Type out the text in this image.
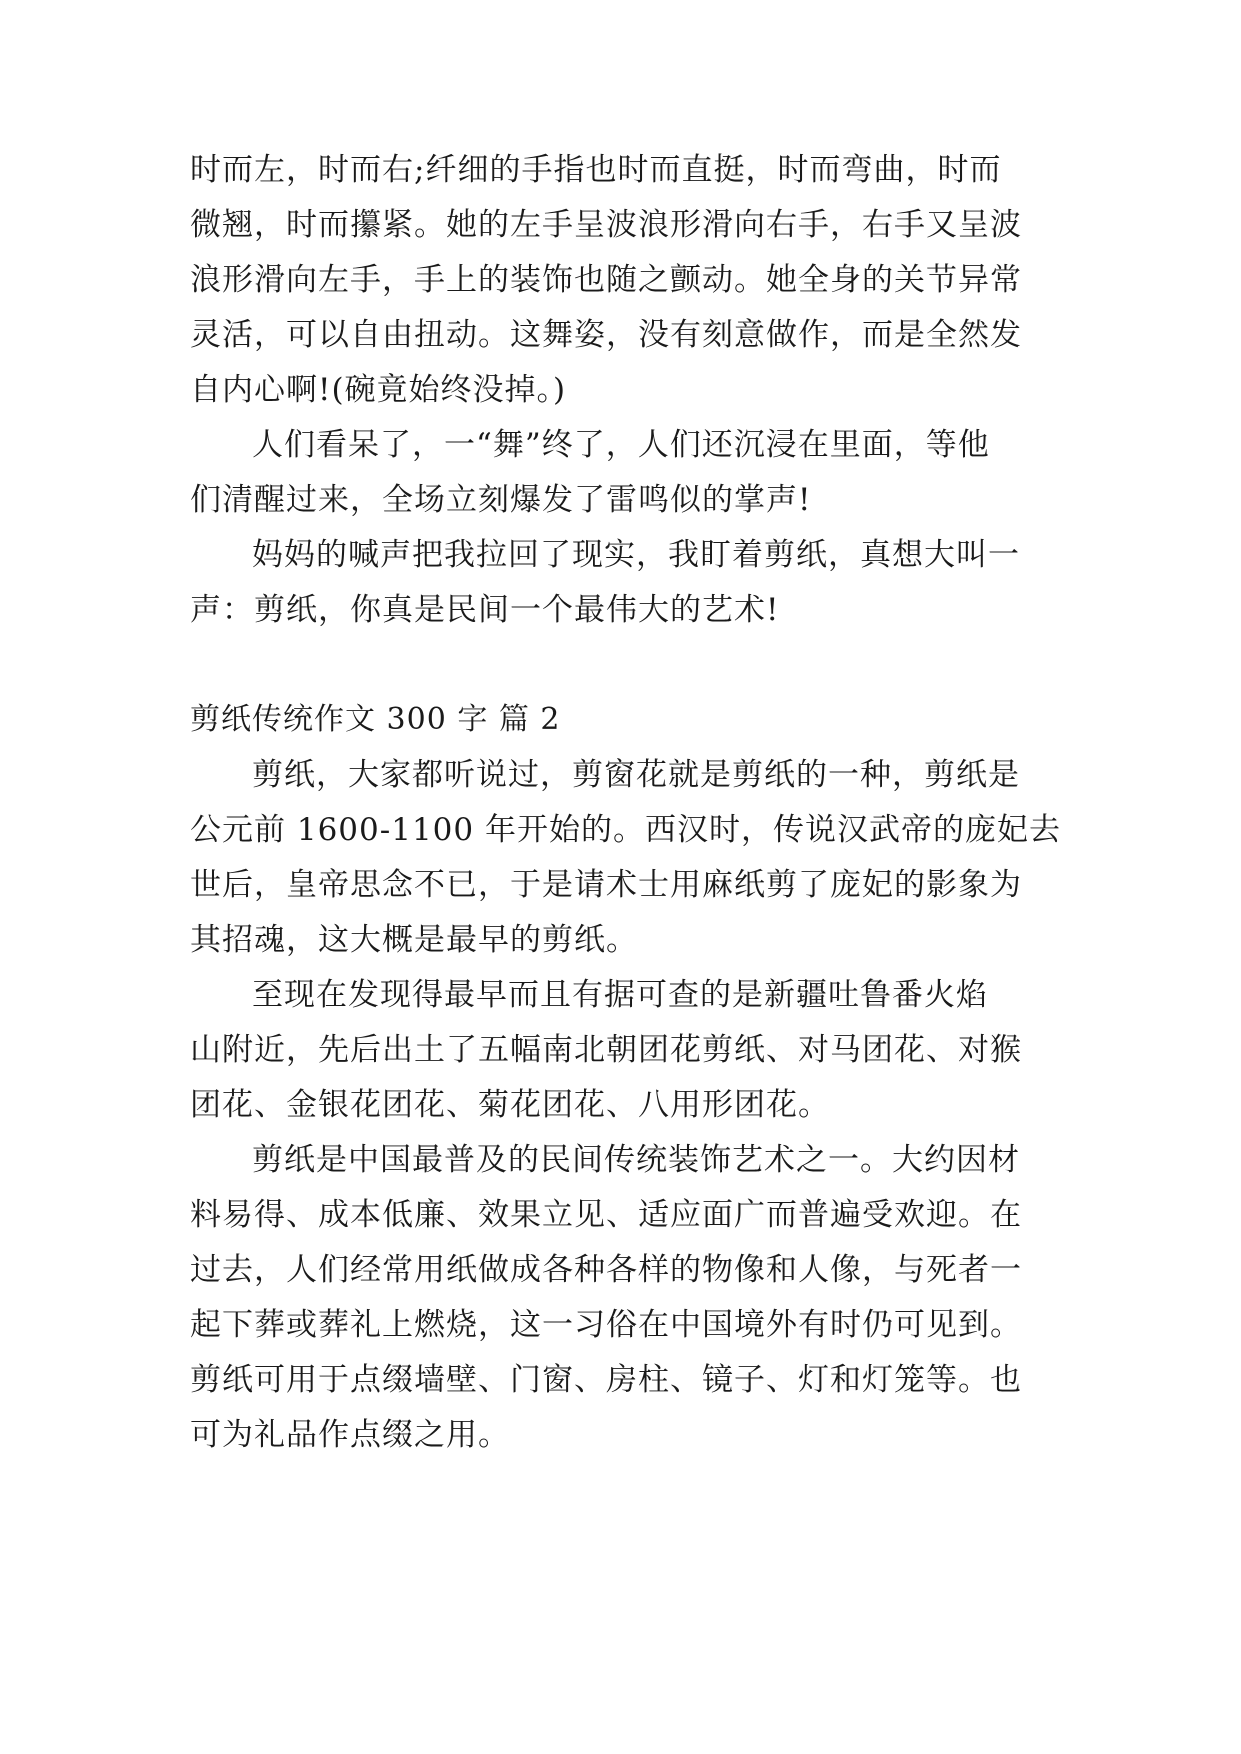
时而左，时而右;纤细的手指也时而直挺，时而弯曲，时而
微翘，时而攥紧。她的左手呈波浪形滑向右手，右手又呈波
浪形滑向左手，手上的装饰也随之颤动。她全身的关节异常
灵活，可以自由扭动。这舞姿，没有刻意做作，而是全然发
自内心啊!(碗竟始终没掉。)
人们看呆了，一“舞”终了，人们还沉浸在里面，等他
们清醒过来，全场立刻爆发了雷鸣似的掌声!
妈妈的喊声把我拉回了现实，我盯着剪纸，真想大叫一
声：剪纸，你真是民间一个最伟大的艺术!
剪纸传统作文 300 字 篇 2
剪纸，大家都听说过，剪窗花就是剪纸的一种，剪纸是
公元前 1600-1100 年开始的。西汉时，传说汉武帝的庞妃去
世后，皇帝思念不已，于是请术士用麻纸剪了庞妃的影象为
其招魂，这大概是最早的剪纸。
至现在发现得最早而且有据可查的是新疆吐鲁番火焰
山附近，先后出土了五幅南北朝团花剪纸、对马团花、对猴
团花、金银花团花、菊花团花、八用形团花。
剪纸是中国最普及的民间传统装饰艺术之一。大约因材
料易得、成本低廉、效果立见、适应面广而普遍受欢迎。在
过去，人们经常用纸做成各种各样的物像和人像，与死者一
起下葬或葬礼上燃烧，这一习俗在中国境外有时仍可见到。
剪纸可用于点缀墙壁、门窗、房柱、镜子、灯和灯笼等。也
可为礼品作点缀之用。
